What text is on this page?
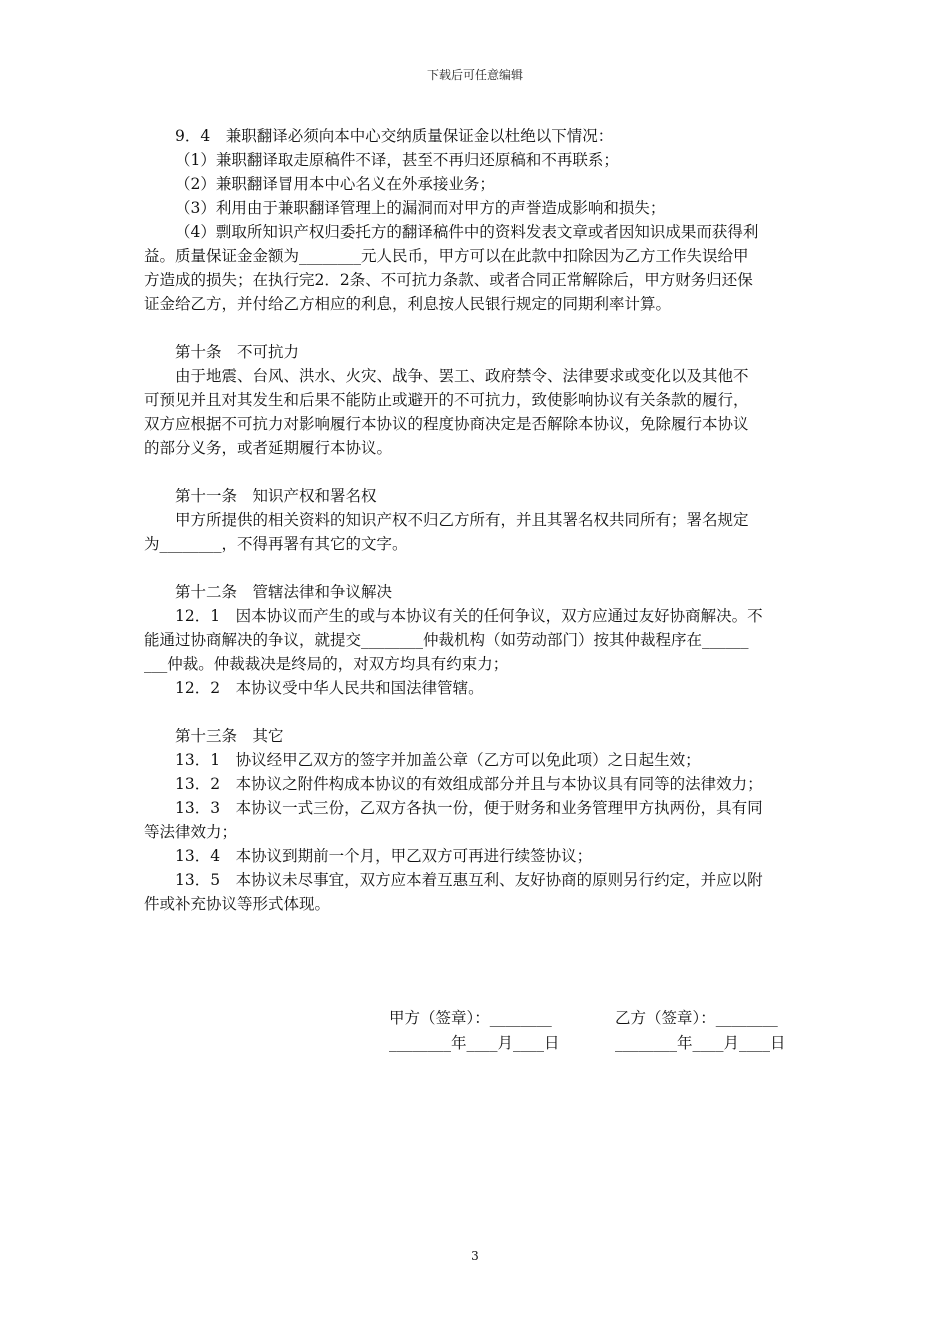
下载后可任意编辑
9．4　兼职翻译必须向本中心交纳质量保证金以杜绝以下情况：
（1）兼职翻译取走原稿件不译，甚至不再归还原稿和不再联系；
（2）兼职翻译冒用本中心名义在外承接业务；
（3）利用由于兼职翻译管理上的漏洞而对甲方的声誉造成影响和损失；
（4）剽取所知识产权归委托方的翻译稿件中的资料发表文章或者因知识成果而获得利
益。质量保证金金额为________元人民币，甲方可以在此款中扣除因为乙方工作失误给甲
方造成的损失；在执行完2．2条、不可抗力条款、或者合同正常解除后，甲方财务归还保
证金给乙方，并付给乙方相应的利息，利息按人民银行规定的同期利率计算。
第十条　不可抗力
由于地震、台风、洪水、火灾、战争、罢工、政府禁令、法律要求或变化以及其他不
可预见并且对其发生和后果不能防止或避开的不可抗力，致使影响协议有关条款的履行，
双方应根据不可抗力对影响履行本协议的程度协商决定是否解除本协议，免除履行本协议
的部分义务，或者延期履行本协议。
第十一条　知识产权和署名权
甲方所提供的相关资料的知识产权不归乙方所有，并且其署名权共同所有；署名规定
为________，不得再署有其它的文字。
第十二条　管辖法律和争议解决
12．1　因本协议而产生的或与本协议有关的任何争议，双方应通过友好协商解决。不
能通过协商解决的争议，就提交________仲裁机构（如劳动部门）按其仲裁程序在______
___仲裁。仲裁裁决是终局的，对双方均具有约束力；
12．2　本协议受中华人民共和国法律管辖。
第十三条　其它
13．1　协议经甲乙双方的签字并加盖公章（乙方可以免此项）之日起生效；
13．2　本协议之附件构成本协议的有效组成部分并且与本协议具有同等的法律效力；
13．3　本协议一式三份，乙双方各执一份，便于财务和业务管理甲方执两份，具有同
等法律效力；
13．4　本协议到期前一个月，甲乙双方可再进行续签协议；
13．5　本协议未尽事宜，双方应本着互惠互利、友好协商的原则另行约定，并应以附
件或补充协议等形式体现。
甲方（签章）：________	乙方（签章）：________
________年____月____日	________年____月____日
3
